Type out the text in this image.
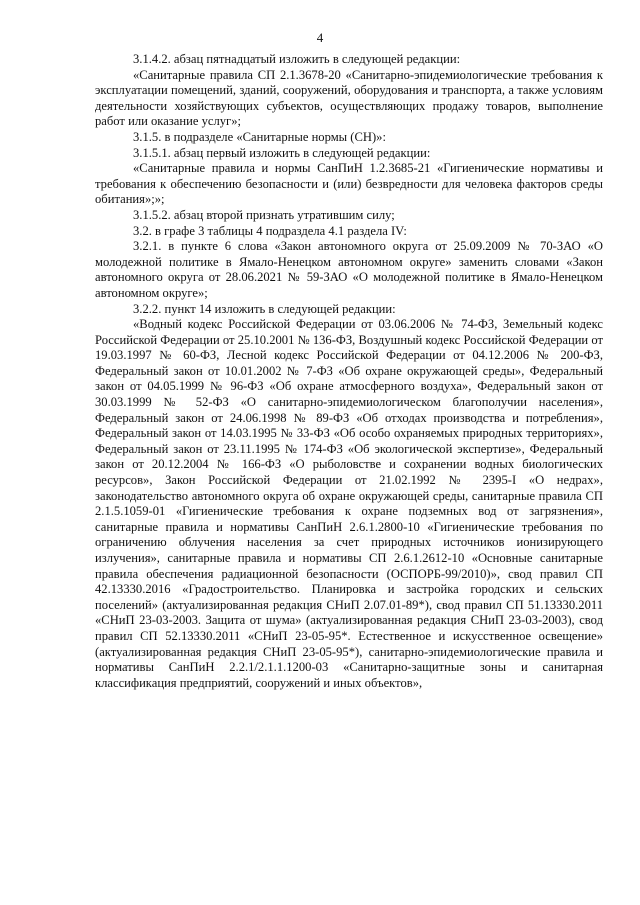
4

3.1.4.2. абзац пятнадцатый изложить в следующей редакции:

«Санитарные правила СП 2.1.3678-20 «Санитарно-эпидемиологические требования к эксплуатации помещений, зданий, сооружений, оборудования и транспорта, а также условиям деятельности хозяйствующих субъектов, осуществляющих продажу товаров, выполнение работ или оказание услуг»;

3.1.5. в подразделе «Санитарные нормы (СН)»:

3.1.5.1. абзац первый изложить в следующей редакции:

«Санитарные правила и нормы СанПиН 1.2.3685-21 «Гигиенические нормативы и требования к обеспечению безопасности и (или) безвредности для человека факторов среды обитания»;»;

3.1.5.2. абзац второй признать утратившим силу;

3.2. в графе 3 таблицы 4 подраздела 4.1 раздела IV:

3.2.1. в пункте 6 слова «Закон автономного округа от 25.09.2009 № 70-ЗАО «О молодежной политике в Ямало-Ненецком автономном округе» заменить словами «Закон автономного округа от 28.06.2021 № 59-ЗАО «О молодежной политике в Ямало-Ненецком автономном округе»;

3.2.2. пункт 14 изложить в следующей редакции:

«Водный кодекс Российской Федерации от 03.06.2006 № 74-ФЗ, Земельный кодекс Российской Федерации от 25.10.2001 № 136-ФЗ, Воздушный кодекс Российской Федерации от 19.03.1997 № 60-ФЗ, Лесной кодекс Российской Федерации от 04.12.2006 № 200-ФЗ, Федеральный закон от 10.01.2002 № 7-ФЗ «Об охране окружающей среды», Федеральный закон от 04.05.1999 № 96-ФЗ «Об охране атмосферного воздуха», Федеральный закон от 30.03.1999 № 52-ФЗ «О санитарно-эпидемиологическом благополучии населения», Федеральный закон от 24.06.1998 № 89-ФЗ «Об отходах производства и потребления», Федеральный закон от 14.03.1995 № 33-ФЗ «Об особо охраняемых природных территориях», Федеральный закон от 23.11.1995 № 174-ФЗ «Об экологической экспертизе», Федеральный закон от 20.12.2004 № 166-ФЗ «О рыболовстве и сохранении водных биологических ресурсов», Закон Российской Федерации от 21.02.1992 № 2395-I «О недрах», законодательство автономного округа об охране окружающей среды, санитарные правила СП 2.1.5.1059-01 «Гигиенические требования к охране подземных вод от загрязнения», санитарные правила и нормативы СанПиН 2.6.1.2800-10 «Гигиенические требования по ограничению облучения населения за счет природных источников ионизирующего излучения», санитарные правила и нормативы СП 2.6.1.2612-10 «Основные санитарные правила обеспечения радиационной безопасности (ОСПОРБ-99/2010)», свод правил СП 42.13330.2016 «Градостроительство. Планировка и застройка городских и сельских поселений» (актуализированная редакция СНиП 2.07.01-89*), свод правил СП 51.13330.2011 «СНиП 23-03-2003. Защита от шума» (актуализированная редакция СНиП 23-03-2003), свод правил СП 52.13330.2011 «СНиП 23-05-95*. Естественное и искусственное освещение» (актуализированная редакция СНиП 23-05-95*), санитарно-эпидемиологические правила и нормативы СанПиН 2.2.1/2.1.1.1200-03 «Санитарно-защитные зоны и санитарная классификация предприятий, сооружений и иных объектов»,
